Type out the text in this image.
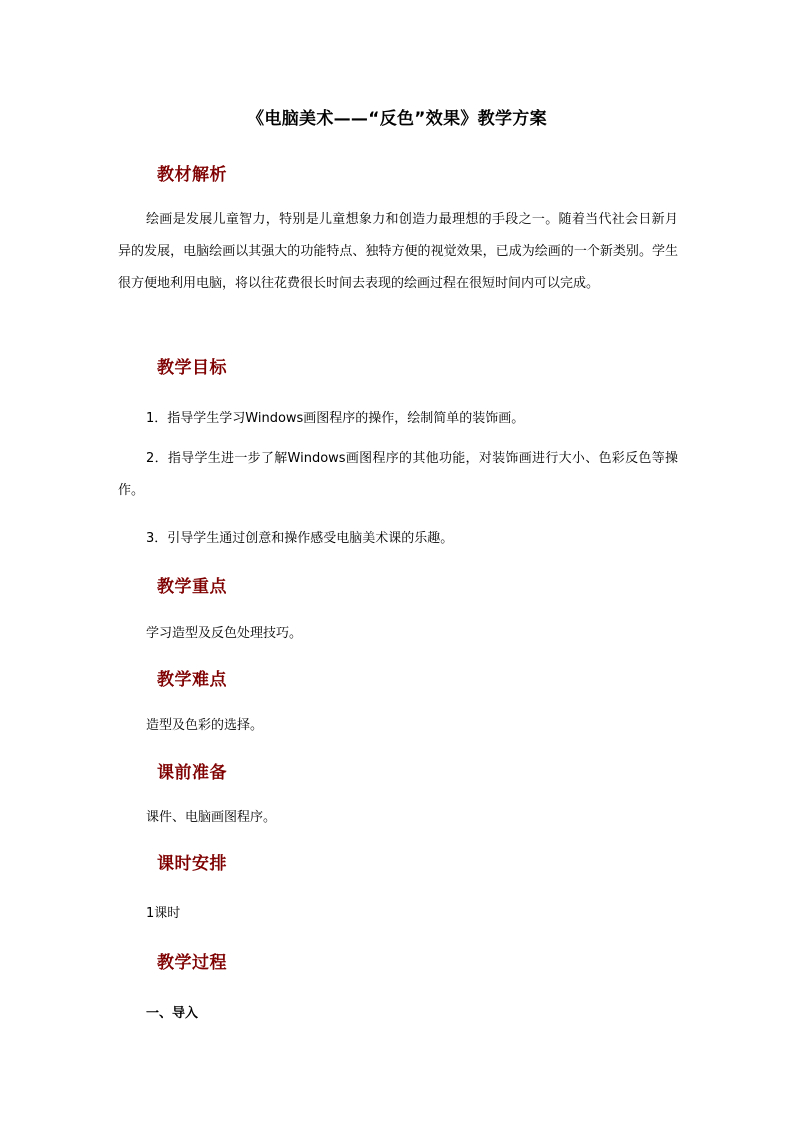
《电脑美术——“反色”效果》教学方案
教材解析

绘画是发展儿童智力，特别是儿童想象力和创造力最理想的手段之一。随着当代社会日新月异的发展，电脑绘画以其强大的功能特点、独特方便的视觉效果，已成为绘画的一个新类别。学生很方便地利用电脑，将以往花费很长时间去表现的绘画过程在很短时间内可以完成。

教学目标

1．指导学生学习Windows画图程序的操作，绘制简单的装饰画。

2．指导学生进一步了解Windows画图程序的其他功能，对装饰画进行大小、色彩反色等操作。

3．引导学生通过创意和操作感受电脑美术课的乐趣。

教学重点

学习造型及反色处理技巧。

教学难点

造型及色彩的选择。

课前准备

课件、电脑画图程序。

课时安排

1课时

教学过程

一、导入
